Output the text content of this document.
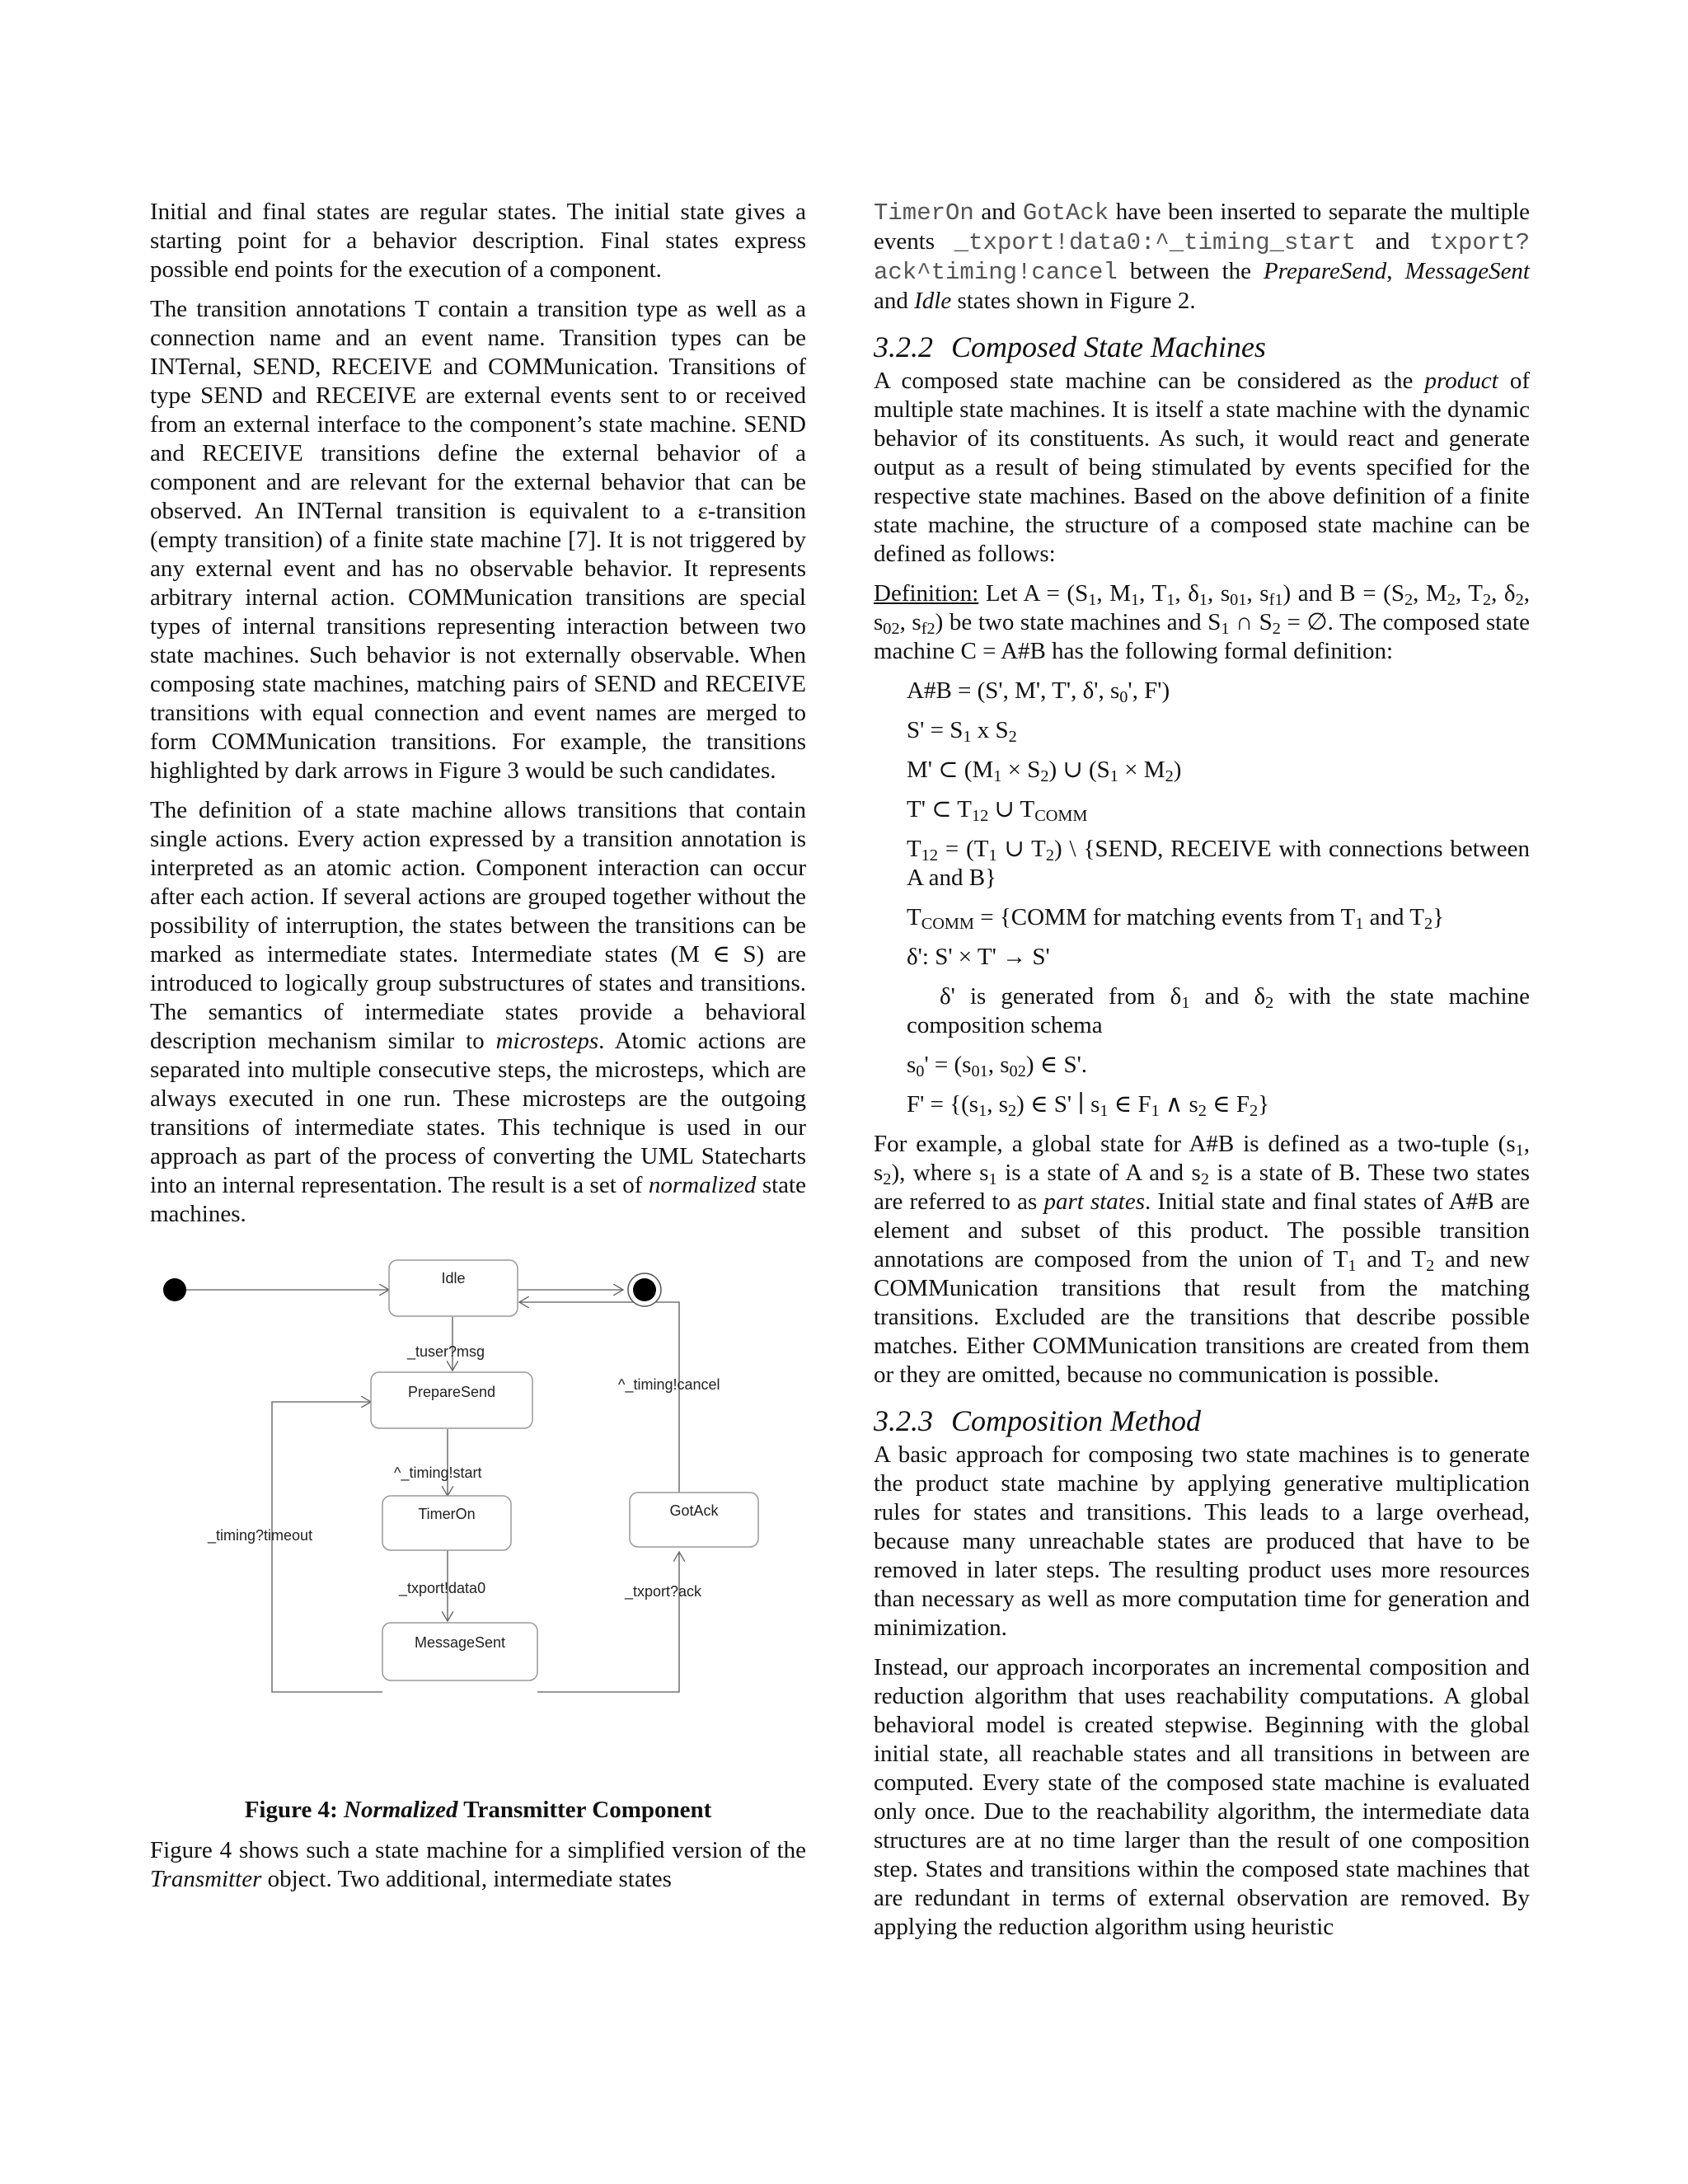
Initial and final states are regular states. The initial state gives a starting point for a behavior description. Final states express possible end points for the execution of a component.

The transition annotations T contain a transition type as well as a connection name and an event name. Transition types can be INTernal, SEND, RECEIVE and COMMunication. Transitions of type SEND and RECEIVE are external events sent to or received from an external interface to the component’s state machine. SEND and RECEIVE transitions define the external behavior of a component and are relevant for the external behavior that can be observed. An INTernal transition is equivalent to a ε-transition (empty transition) of a finite state machine [7]. It is not triggered by any external event and has no observable behavior. It represents arbitrary internal action. COMMunication transitions are special types of internal transitions representing interaction between two state machines. Such behavior is not externally observable. When composing state machines, matching pairs of SEND and RECEIVE transitions with equal connection and event names are merged to form COMMunication transitions. For example, the transitions highlighted by dark arrows in Figure 3 would be such candidates.

The definition of a state machine allows transitions that contain single actions. Every action expressed by a transition annotation is interpreted as an atomic action. Component interaction can occur after each action. If several actions are grouped together without the possibility of interruption, the states between the transitions can be marked as intermediate states. Intermediate states (M ∈ S) are introduced to logically group substructures of states and transitions. The semantics of intermediate states provide a behavioral description mechanism similar to microsteps. Atomic actions are separated into multiple consecutive steps, the microsteps, which are always executed in one run. These microsteps are the outgoing transitions of intermediate states. This technique is used in our approach as part of the process of converting the UML Statecharts into an internal representation. The result is a set of normalized state machines.

Idle
PrepareSend
TimerOn	GotAck
MessageSent
_tuser?msg
^_timing!start
_txport!data0
_timing?timeout
_txport?ack
^_timing!cancel

Figure 4: Normalized Transmitter Component

Figure 4 shows such a state machine for a simplified version of the Transmitter object. Two additional, intermediate states

TimerOn and GotAck have been inserted to separate the multiple events _txport!data0:^_timing_start and txport?ack^timing!cancel between the PrepareSend, MessageSent and Idle states shown in Figure 2.

3.2.2 Composed State Machines

A composed state machine can be considered as the product of multiple state machines. It is itself a state machine with the dynamic behavior of its constituents. As such, it would react and generate output as a result of being stimulated by events specified for the respective state machines. Based on the above definition of a finite state machine, the structure of a composed state machine can be defined as follows:

Definition: Let $A = (S_1$, $M_1$, $T_1$, $\delta_1$, $s_{01}$, $s_{f1}$) and $B = (S_2$, $M_2$, $T_2$, $\delta_2$, $s_{02}$, $s_{f2}$) be two state machines and $S_1$ ∩ $S_2$ = ∅. The composed state machine C = A#B has the following formal definition:

A#B = (S', M', T', δ', $s_0'$, F')

$S' = S_1$ x $S_2$

M' ⊂ $(M_1 \times S_2)$ ∪ $(S_1 \times M_2)$

T' ⊂ $T_{12}$ ∪ $T_{COMM}$

$T_{12} = (T_1$ ∪ $T_2$) \ {SEND, RECEIVE with connections between A and B}

$T_{COMM}$ = {COMM for matching events from $T_1$ and $T_2$}

δ': S' × T' → S'

δ' is generated from $\delta_1$ and $\delta_2$ with the state machine composition schema

$s_0' = (s_{01}$, $s_{02}$) ∈ S'.

$F' = \{(s_1$, $s_2$) ∈ S' ∣ $s_1$ ∈ $F_1$ ∧ $s_2$ ∈ $F_2$}

For example, a global state for A#B is defined as a two-tuple ($s_1$, $s_2$), where $s_1$ is a state of A and $s_2$ is a state of B. These two states are referred to as part states. Initial state and final states of A#B are element and subset of this product. The possible transition annotations are composed from the union of $T_1$ and $T_2$ and new COMMunication transitions that result from the matching transitions. Excluded are the transitions that describe possible matches. Either COMMunication transitions are created from them or they are omitted, because no communication is possible.

3.2.3 Composition Method

A basic approach for composing two state machines is to generate the product state machine by applying generative multiplication rules for states and transitions. This leads to a large overhead, because many unreachable states are produced that have to be removed in later steps. The resulting product uses more resources than necessary as well as more computation time for generation and minimization.

Instead, our approach incorporates an incremental composition and reduction algorithm that uses reachability computations. A global behavioral model is created stepwise. Beginning with the global initial state, all reachable states and all transitions in between are computed. Every state of the composed state machine is evaluated only once. Due to the reachability algorithm, the intermediate data structures are at no time larger than the result of one composition step. States and transitions within the composed state machines that are redundant in terms of external observation are removed. By applying the reduction algorithm using heuristic
